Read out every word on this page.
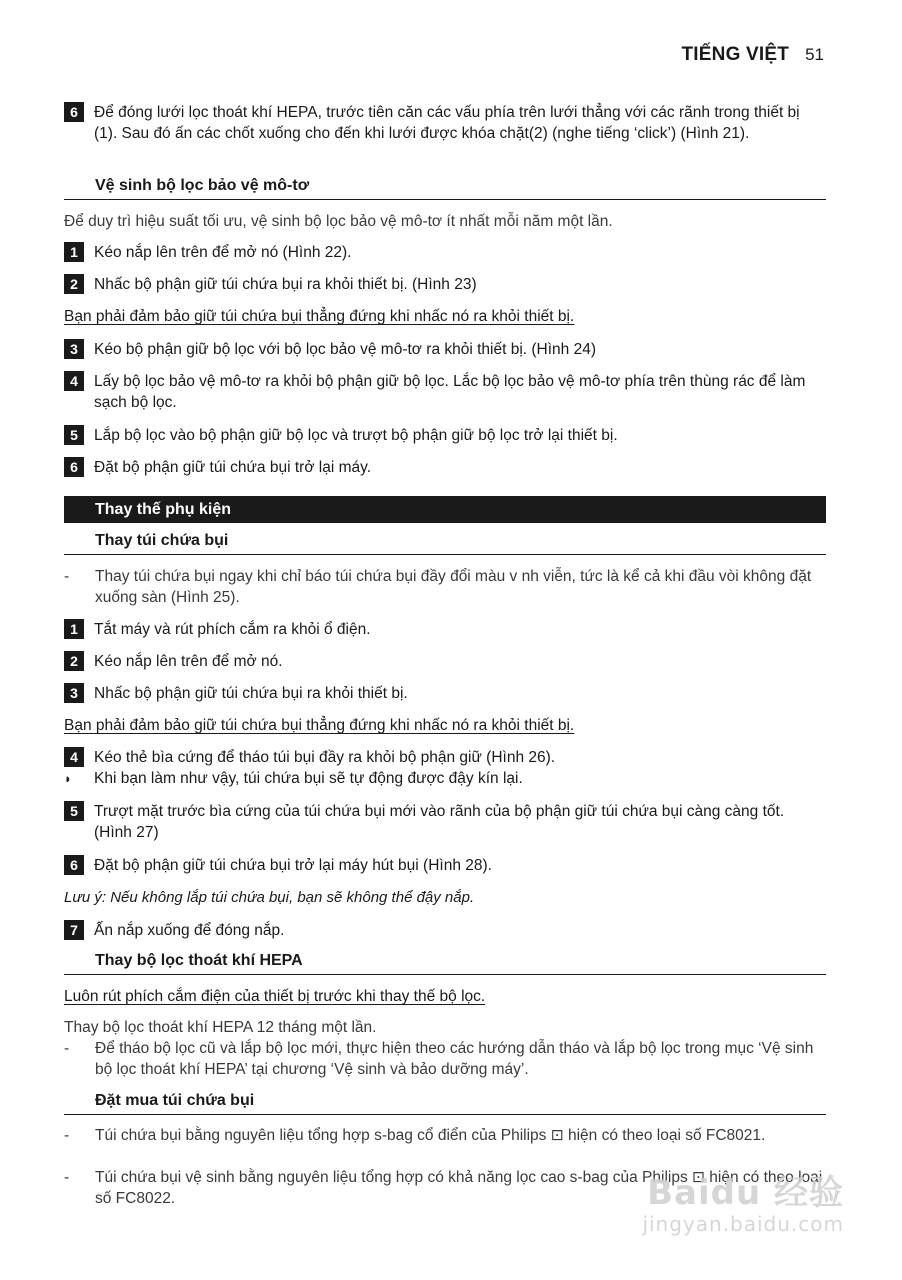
TIẾNG VIỆT 51
6	Để đóng lưới lọc thoát khí HEPA, trước tiên căn các vấu phía trên lưới thẳng với các rãnh trong thiết bị (1). Sau đó ấn các chốt xuống cho đến khi lưới được khóa chặt(2) (nghe tiếng ‘click’) (Hình 21).
Vệ sinh bộ lọc bảo vệ mô-tơ
Để duy trì hiệu suất tối ưu, vệ sinh bộ lọc bảo vệ mô-tơ ít nhất mỗi năm một lần.
1	Kéo nắp lên trên để mở nó (Hình 22).
2	Nhấc bộ phận giữ túi chứa bụi ra khỏi thiết bị. (Hình 23)
Bạn phải đảm bảo giữ túi chứa bụi thẳng đứng khi nhấc nó ra khỏi thiết bị.
3	Kéo bộ phận giữ bộ lọc với bộ lọc bảo vệ mô-tơ ra khỏi thiết bị. (Hình 24)
4	Lấy bộ lọc bảo vệ mô-tơ ra khỏi bộ phận giữ bộ lọc. Lắc bộ lọc bảo vệ mô-tơ phía trên thùng rác để làm sạch bộ lọc.
5	Lắp bộ lọc vào bộ phận giữ bộ lọc và trượt bộ phận giữ bộ lọc trở lại thiết bị.
6	Đặt bộ phận giữ túi chứa bụi trở lại máy.
Thay thế phụ kiện
Thay túi chứa bụi
-	Thay túi chứa bụi ngay khi chỉ báo túi chứa bụi đầy đổi màu v nh viễn, tức là kể cả khi đầu vòi không đặt xuống sàn (Hình 25).
1	Tắt máy và rút phích cắm ra khỏi ổ điện.
2	Kéo nắp lên trên để mở nó.
3	Nhấc bộ phận giữ túi chứa bụi ra khỏi thiết bị.
Bạn phải đảm bảo giữ túi chứa bụi thẳng đứng khi nhấc nó ra khỏi thiết bị.
4	Kéo thẻ bìa cứng để tháo túi bụi đầy ra khỏi bộ phận giữ (Hình 26).
◗	Khi bạn làm như vậy, túi chứa bụi sẽ tự động được đậy kín lại.
5	Trượt mặt trước bìa cứng của túi chứa bụi mới vào rãnh của bộ phận giữ túi chứa bụi càng càng tốt. (Hình 27)
6	Đặt bộ phận giữ túi chứa bụi trở lại máy hút bụi (Hình 28).
Lưu ý: Nếu không lắp túi chứa bụi, bạn sẽ không thể đậy nắp.
7	Ấn nắp xuống để đóng nắp.
Thay bộ lọc thoát khí HEPA
Luôn rút phích cắm điện của thiết bị trước khi thay thế bộ lọc.
Thay bộ lọc thoát khí HEPA 12 tháng một lần.
-	Để tháo bộ lọc cũ và lắp bộ lọc mới, thực hiện theo các hướng dẫn tháo và lắp bộ lọc trong mục ‘Vệ sinh bộ lọc thoát khí HEPA’ tại chương ‘Vệ sinh và bảo dưỡng máy’.
Đặt mua túi chứa bụi
-	Túi chứa bụi bằng nguyên liệu tổng hợp s-bag cổ điển của Philips ⊡ hiện có theo loại số FC8021.
-	Túi chứa bụi vệ sinh bằng nguyên liệu tổng hợp có khả năng lọc cao s-bag của Philips ⊡ hiện có theo loại số FC8022.	Baidu 经验
jingyan.baidu.com
